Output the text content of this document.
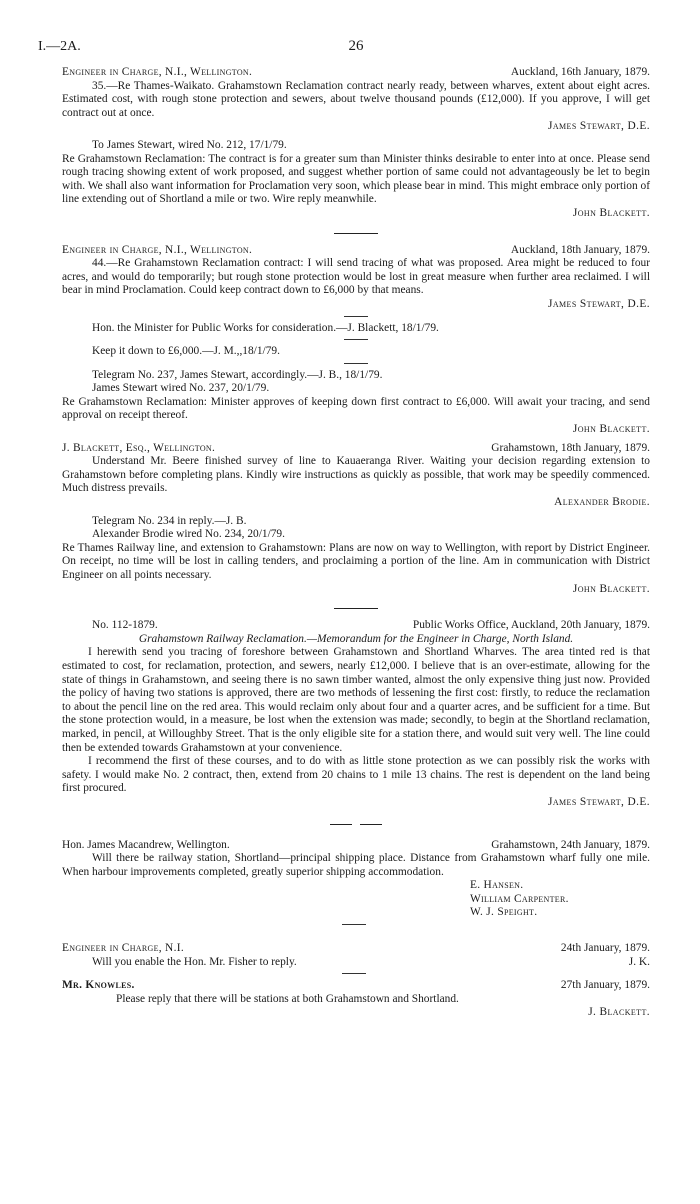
I.—2A.	26
Engineer in Charge, N.I., Wellington.	Auckland, 16th January, 1879.

35.—Re Thames-Waikato. Grahamstown Reclamation contract nearly ready, between wharves, extent about eight acres. Estimated cost, with rough stone protection and sewers, about twelve thousand pounds (£12,000). If you approve, I will get contract out at once.

James Stewart, D.E.
To James Stewart, wired No. 212, 17/1/79.

Re Grahamstown Reclamation: The contract is for a greater sum than Minister thinks desirable to enter into at once. Please send rough tracing showing extent of work proposed, and suggest whether portion of same could not advantageously be let to begin with. We shall also want information for Proclamation very soon, which please bear in mind. This might embrace only portion of line extending out of Shortland a mile or two. Wire reply meanwhile.

John Blackett.
Engineer in Charge, N.I., Wellington.	Auckland, 18th January, 1879.

44.—Re Grahamstown Reclamation contract: I will send tracing of what was proposed. Area might be reduced to four acres, and would do temporarily; but rough stone protection would be lost in great measure when further area reclaimed. I will bear in mind Proclamation. Could keep contract down to £6,000 by that means.

James Stewart, D.E.
Hon. the Minister for Public Works for consideration.—J. Blackett, 18/1/79.
Keep it down to £6,000.—J. M.,,18/1/79.
Telegram No. 237, James Stewart, accordingly.—J. B., 18/1/79.
James Stewart wired No. 237, 20/1/79.

Re Grahamstown Reclamation: Minister approves of keeping down first contract to £6,000. Will await your tracing, and send approval on receipt thereof.

John Blackett.
J. Blackett, Esq., Wellington.	Grahamstown, 18th January, 1879.

Understand Mr. Beere finished survey of line to Kauaeranga River. Waiting your decision regarding extension to Grahamstown before completing plans. Kindly wire instructions as quickly as possible, that work may be speedily commenced. Much distress prevails.

Alexander Brodie.
Telegram No. 234 in reply.—J. B.
Alexander Brodie wired No. 234, 20/1/79.

Re Thames Railway line, and extension to Grahamstown: Plans are now on way to Wellington, with report by District Engineer. On receipt, no time will be lost in calling tenders, and proclaiming a portion of the line. Am in communication with District Engineer on all points necessary.

John Blackett.
No. 112-1879.	Public Works Office, Auckland, 20th January, 1879.
Grahamstown Railway Reclamation.—Memorandum for the Engineer in Charge, North Island.

I herewith send you tracing of foreshore between Grahamstown and Shortland Wharves. The area tinted red is that estimated to cost, for reclamation, protection, and sewers, nearly £12,000. I believe that is an over-estimate, allowing for the state of things in Grahamstown, and seeing there is no sawn timber wanted, almost the only expensive thing just now. Provided the policy of having two stations is approved, there are two methods of lessening the first cost: firstly, to reduce the reclamation to about the pencil line on the red area. This would reclaim only about four and a quarter acres, and be sufficient for a time. But the stone protection would, in a measure, be lost when the extension was made; secondly, to begin at the Shortland reclamation, marked, in pencil, at Willoughby Street. That is the only eligible site for a station there, and would suit very well. The line could then be extended towards Grahamstown at your convenience.

I recommend the first of these courses, and to do with as little stone protection as we can possibly risk the works with safety. I would make No. 2 contract, then, extend from 20 chains to 1 mile 13 chains. The rest is dependent on the land being first procured.

James Stewart, D.E.
Hon. James Macandrew, Wellington.	Grahamstown, 24th January, 1879.

Will there be railway station, Shortland—principal shipping place. Distance from Grahamstown wharf fully one mile. When harbour improvements completed, greatly superior shipping accommodation.

E. Hansen.
William Carpenter.
W. J. Speight.
Engineer in Charge, N.I.	24th January, 1879.
Will you enable the Hon. Mr. Fisher to reply.	J. K.
Mr. Knowles.	27th January, 1879.
Please reply that there will be stations at both Grahamstown and Shortland.
J. Blackett.
